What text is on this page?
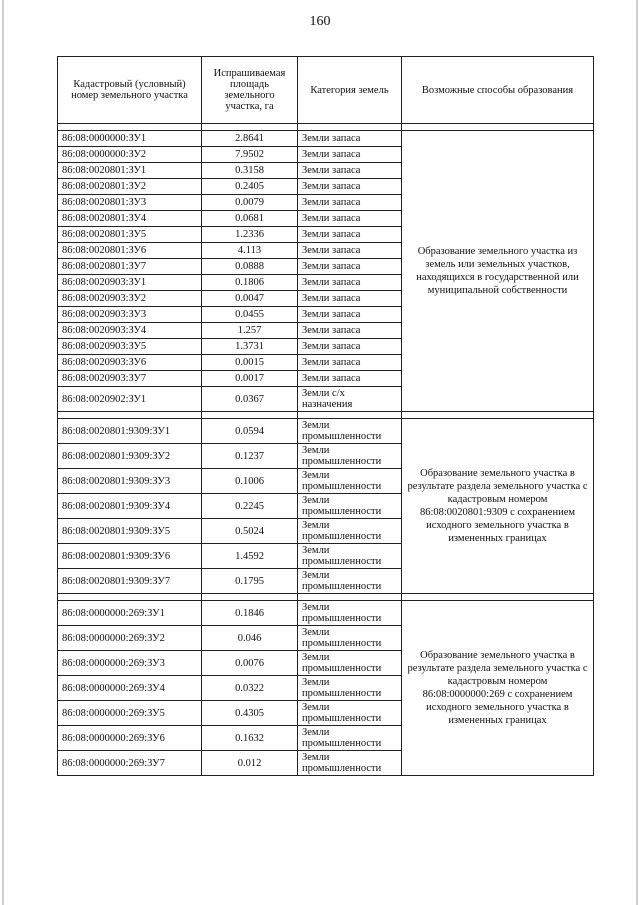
160
Кадастровый (условный) номер земельного участка	Испрашиваемая площадь земельного участка, га	Категория земель	Возможные способы образования

86:08:0000000:ЗУ1	2.8641	Земли запаса	Образование земельного участка из земель или земельных участков, находящихся в государственной или муниципальной собственности
86:08:0000000:ЗУ2	7.9502	Земли запаса	
86:08:0020801:ЗУ1	0.3158	Земли запаса	
86:08:0020801:ЗУ2	0.2405	Земли запаса	
86:08:0020801:ЗУ3	0.0079	Земли запаса	
86:08:0020801:ЗУ4	0.0681	Земли запаса	
86:08:0020801:ЗУ5	1.2336	Земли запаса	
86:08:0020801:ЗУ6	4.113	Земли запаса	
86:08:0020801:ЗУ7	0.0888	Земли запаса	
86:08:0020903:ЗУ1	0.1806	Земли запаса	
86:08:0020903:ЗУ2	0.0047	Земли запаса	
86:08:0020903:ЗУ3	0.0455	Земли запаса	
86:08:0020903:ЗУ4	1.257	Земли запаса	
86:08:0020903:ЗУ5	1.3731	Земли запаса	
86:08:0020903:ЗУ6	0.0015	Земли запаса	
86:08:0020903:ЗУ7	0.0017	Земли запаса	
86:08:0020902:ЗУ1	0.0367	Земли с/х назначения	

86:08:0020801:9309:ЗУ1	0.0594	Земли промышленности	Образование земельного участка в результате раздела земельного участка с кадастровым номером 86:08:0020801:9309 с сохранением исходного земельного участка в измененных границах
86:08:0020801:9309:ЗУ2	0.1237	Земли промышленности	
86:08:0020801:9309:ЗУ3	0.1006	Земли промышленности	
86:08:0020801:9309:ЗУ4	0.2245	Земли промышленности	
86:08:0020801:9309:ЗУ5	0.5024	Земли промышленности	
86:08:0020801:9309:ЗУ6	1.4592	Земли промышленности	
86:08:0020801:9309:ЗУ7	0.1795	Земли промышленности	

86:08:0000000:269:ЗУ1	0.1846	Земли промышленности	Образование земельного участка в результате раздела земельного участка с кадастровым номером 86:08:0000000:269 с сохранением исходного земельного участка в измененных границах
86:08:0000000:269:ЗУ2	0.046	Земли промышленности	
86:08:0000000:269:ЗУ3	0.0076	Земли промышленности	
86:08:0000000:269:ЗУ4	0.0322	Земли промышленности	
86:08:0000000:269:ЗУ5	0.4305	Земли промышленности	
86:08:0000000:269:ЗУ6	0.1632	Земли промышленности	
86:08:0000000:269:ЗУ7	0.012	Земли промышленности	
